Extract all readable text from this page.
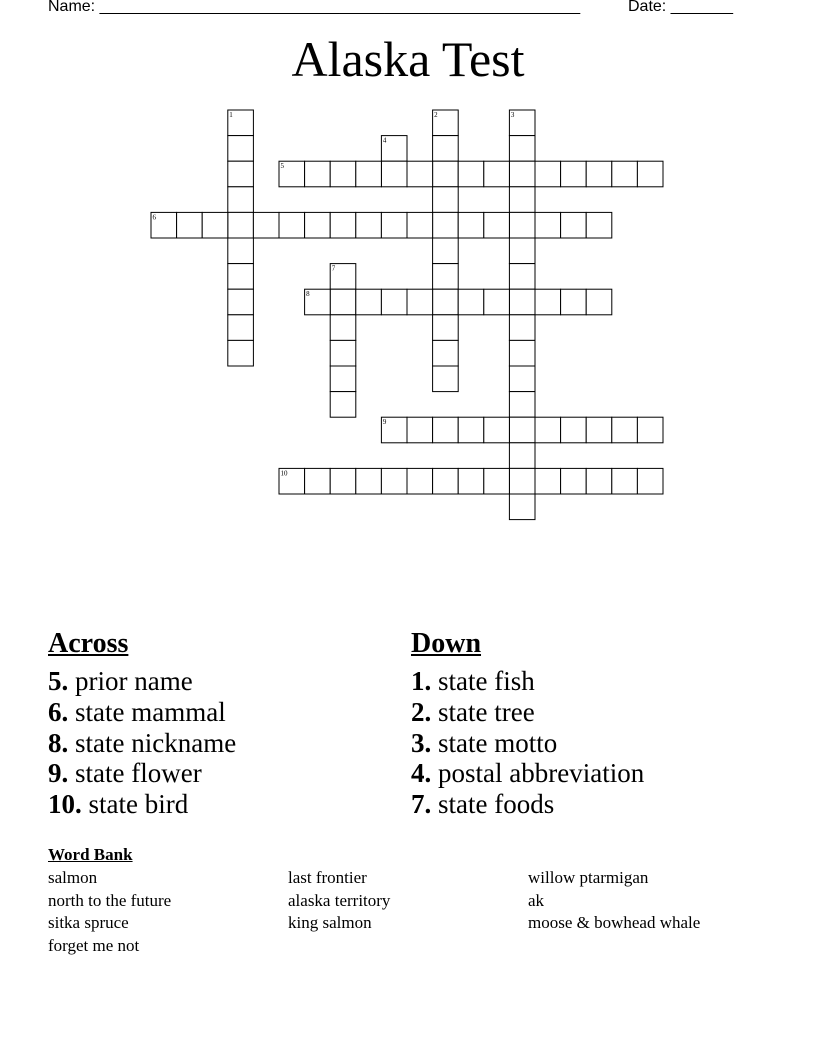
Name: ______________________________________________________	Date: _______
Alaska Test
1	2	3
4
5
6
7
8
9
10
Across
5. prior name
6. state mammal
8. state nickname
9. state flower
10. state bird
Down
1. state fish
2. state tree
3. state motto
4. postal abbreviation
7. state foods
Word Bank
salmon
north to the future
sitka spruce
forget me not
last frontier
alaska territory
king salmon
willow ptarmigan
ak
moose & bowhead whale
